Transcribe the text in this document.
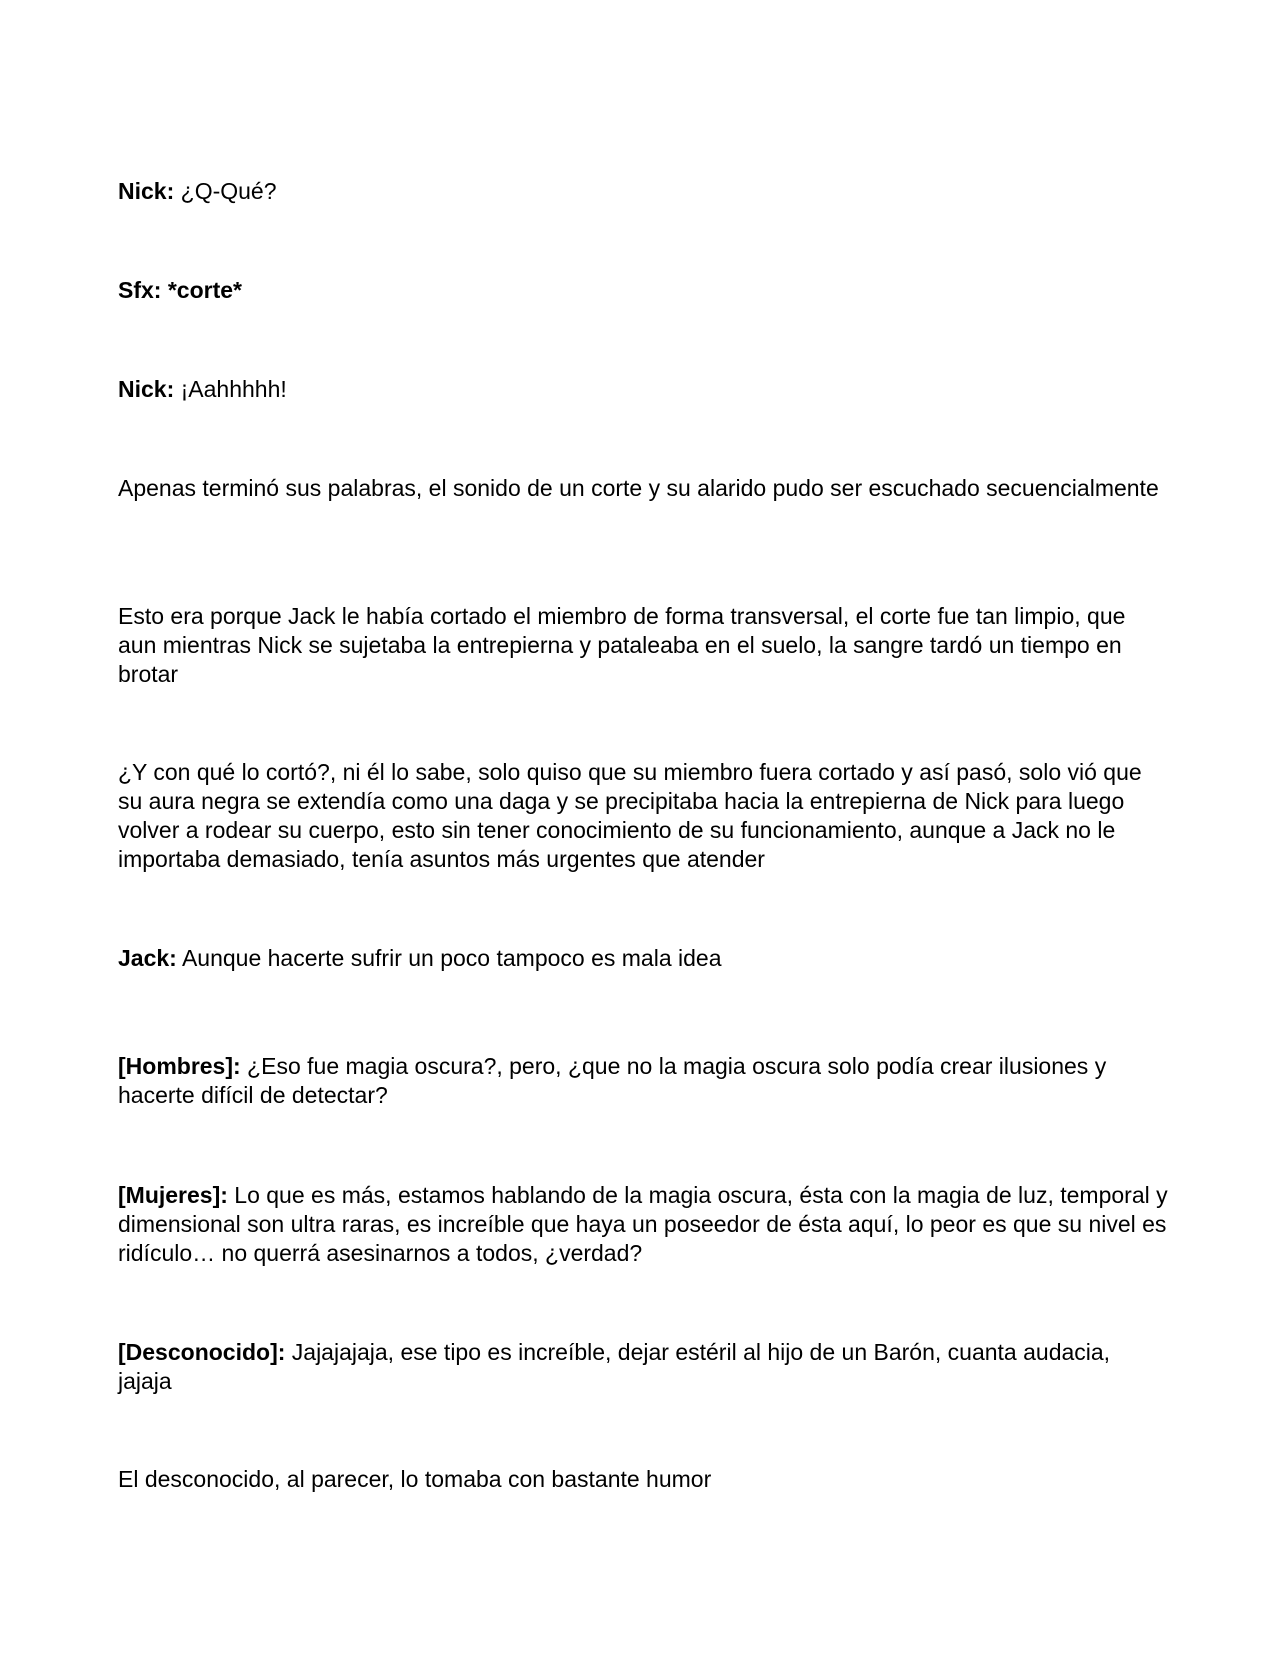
Nick: ¿Q-Qué?

Sfx: *corte*

Nick: ¡Aahhhhh!

Apenas terminó sus palabras, el sonido de un corte y su alarido pudo ser escuchado secuencialmente

Esto era porque Jack le había cortado el miembro de forma transversal, el corte fue tan limpio, que aun mientras Nick se sujetaba la entrepierna y pataleaba en el suelo, la sangre tardó un tiempo en brotar

¿Y con qué lo cortó?, ni él lo sabe, solo quiso que su miembro fuera cortado y así pasó, solo vió que su aura negra se extendía como una daga y se precipitaba hacia la entrepierna de Nick para luego volver a rodear su cuerpo, esto sin tener conocimiento de su funcionamiento, aunque a Jack no le importaba demasiado, tenía asuntos más urgentes que atender

Jack: Aunque hacerte sufrir un poco tampoco es mala idea

[Hombres]: ¿Eso fue magia oscura?, pero, ¿que no la magia oscura solo podía crear ilusiones y hacerte difícil de detectar?

[Mujeres]: Lo que es más, estamos hablando de la magia oscura, ésta con la magia de luz, temporal y dimensional son ultra raras, es increíble que haya un poseedor de ésta aquí, lo peor es que su nivel es ridículo… no querrá asesinarnos a todos, ¿verdad?

[Desconocido]: Jajajajaja, ese tipo es increíble, dejar estéril al hijo de un Barón, cuanta audacia, jajaja

El desconocido, al parecer, lo tomaba con bastante humor
